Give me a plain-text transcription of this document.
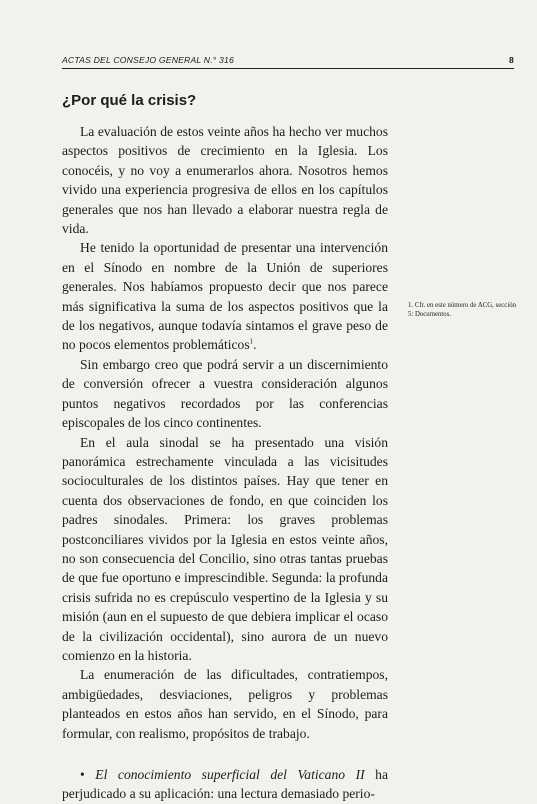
ACTAS DEL CONSEJO GENERAL N.° 316	8
¿Por qué la crisis?

La evaluación de estos veinte años ha hecho ver muchos aspectos positivos de crecimiento en la Iglesia. Los conocéis, y no voy a enumerarlos ahora. Nosotros hemos vivido una experiencia progresiva de ellos en los capítulos generales que nos han llevado a elaborar nuestra regla de vida.

He tenido la oportunidad de presentar una intervención en el Sínodo en nombre de la Unión de superiores generales. Nos habíamos propuesto decir que nos parece más significativa la suma de los aspectos positivos que la de los negativos, aunque todavía sintamos el grave peso de no pocos elementos problemáticos$^1$.

Sin embargo creo que podrá servir a un discernimiento de conversión ofrecer a vuestra consideración algunos puntos negativos recordados por las conferencias episcopales de los cinco continentes.

En el aula sinodal se ha presentado una visión panorámica estrechamente vinculada a las vicisitudes socioculturales de los distintos países. Hay que tener en cuenta dos observaciones de fondo, en que coinciden los padres sinodales. Primera: los graves problemas postconciliares vividos por la Iglesia en estos veinte años, no son consecuencia del Concilio, sino otras tantas pruebas de que fue oportuno e imprescindible. Segunda: la profunda crisis sufrida no es crepúsculo vespertino de la Iglesia y su misión (aun en el supuesto de que debiera implicar el ocaso de la civilización occidental), sino aurora de un nuevo comienzo en la historia.

La enumeración de las dificultades, contratiempos, ambigüedades, desviaciones, peligros y problemas planteados en estos años han servido, en el Sínodo, para formular, con realismo, propósitos de trabajo.

• El conocimiento superficial del Vaticano II ha perjudicado a su aplicación: una lectura demasiado perio-

1. Cfr. en este número de ACG, sección 5: Documentos.
